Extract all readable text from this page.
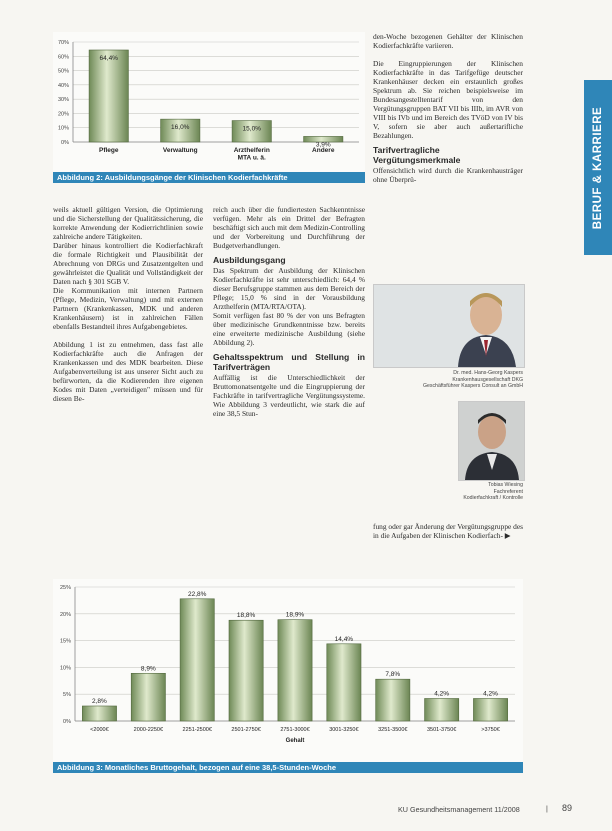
0%
10%
20%
30%
40%
50%
60%
70%
64,4%
Pflege
16,0%
Verwaltung
15,0%
Arzthelferin
MTA u. ä.
3,9%
Andere
Abbildung 2: Ausbildungsgänge der Klinischen Kodierfachkräfte

weils aktuell gültigen Version, die Optimierung und die Sicherstellung der Qualitätssicherung, die korrekte Anwendung der Kodierrichtlinien sowie zahlreiche andere Tätigkeiten.

Darüber hinaus kontrolliert die Kodierfachkraft die formale Richtigkeit und Plausibilität der Abrechnung von DRGs und Zusatzentgelten und gewährleistet die Qualität und Vollständigkeit der Daten nach § 301 SGB V.

Die Kommunikation mit internen Partnern (Pflege, Medizin, Verwaltung) und mit externen Partnern (Krankenkassen, MDK und anderen Krankenhäusern) ist in zahlreichen Fällen ebenfalls Bestandteil ihres Aufgabengebietes.

Abbildung 1 ist zu entnehmen, dass fast alle Kodierfachkräfte auch die Anfragen der Krankenkassen und des MDK bearbeiten. Diese Aufgabenverteilung ist aus unserer Sicht auch zu befürworten, da die Kodierenden ihre eigenen Kodes mit Daten „verteidigen" müssen und für diesen Be-

reich auch über die fundiertesten Sachkenntnisse verfügen. Mehr als ein Drittel der Befragten beschäftigt sich auch mit dem Medizin-Controlling und der Vorbereitung und Durchführung der Budgetverhandlungen.

Ausbildungsgang

Das Spektrum der Ausbildung der Klinischen Kodierfachkräfte ist sehr unterschiedlich: 64,4 % dieser Berufsgruppe stammen aus dem Bereich der Pflege; 15,0 % sind in der Vorausbildung Arzthelferin (MTA/RTA/OTA).

Somit verfügen fast 80 % der von uns Befragten über medizinische Grundkenntnisse bzw. bereits eine erweiterte medizinische Ausbildung (siehe Abbildung 2).

Gehaltsspektrum und Stellung in Tarifverträgen

Auffällig ist die Unterschiedlichkeit der Bruttomonatsentgelte und die Eingruppierung der Fachkräfte in tarifvertragliche Vergütungssysteme. Wie Abbildung 3 verdeutlicht, wie stark die auf eine 38,5 Stun-

den-Woche bezogenen Gehälter der Klinischen Kodierfachkräfte variieren.

Die Eingruppierungen der Klinischen Kodierfachkräfte in das Tarifgefüge deutscher Krankenhäuser decken ein erstaunlich großes Spektrum ab. Sie reichen beispielsweise im Bundesangestelltentarif von den Vergütungsgruppen BAT VII bis IIIb, im AVR von VIII bis IVb und im Bereich des TVöD von IV bis V, sofern sie aber auch außertarifliche Bezahlungen.

Tarifvertragliche Vergütungsmerkmale

Offensichtlich wird durch die Krankenhausträger ohne Überprü-

Dr. med. Hans-Georg Kaspers
Krankenhausgesellschaft DKG
Geschäftsführer Kaspers Consult an GmbH
Tobias Wiesing
Fachreferent
Kodierfachkraft / Kontrolle

fung oder gar Änderung der Vergütungsgruppe des in die Aufgaben der Klinischen Kodierfach- ▶

BERUF & KARRIERE
0%
5%
10%
15%
20%
25%
2,8%
<2000€
8,9%
2000-2250€
22,8%
2251-2500€
18,8%
2501-2750€
18,9%
2751-3000€
14,4%
3001-3250€
7,8%
3251-3500€
4,2%
3501-3750€
4,2%
>3750€
Gehalt
Abbildung 3: Monatliches Bruttogehalt, bezogen auf eine 38,5-Stunden-Woche
KU Gesundheitsmanagement 11/2008	| 89
